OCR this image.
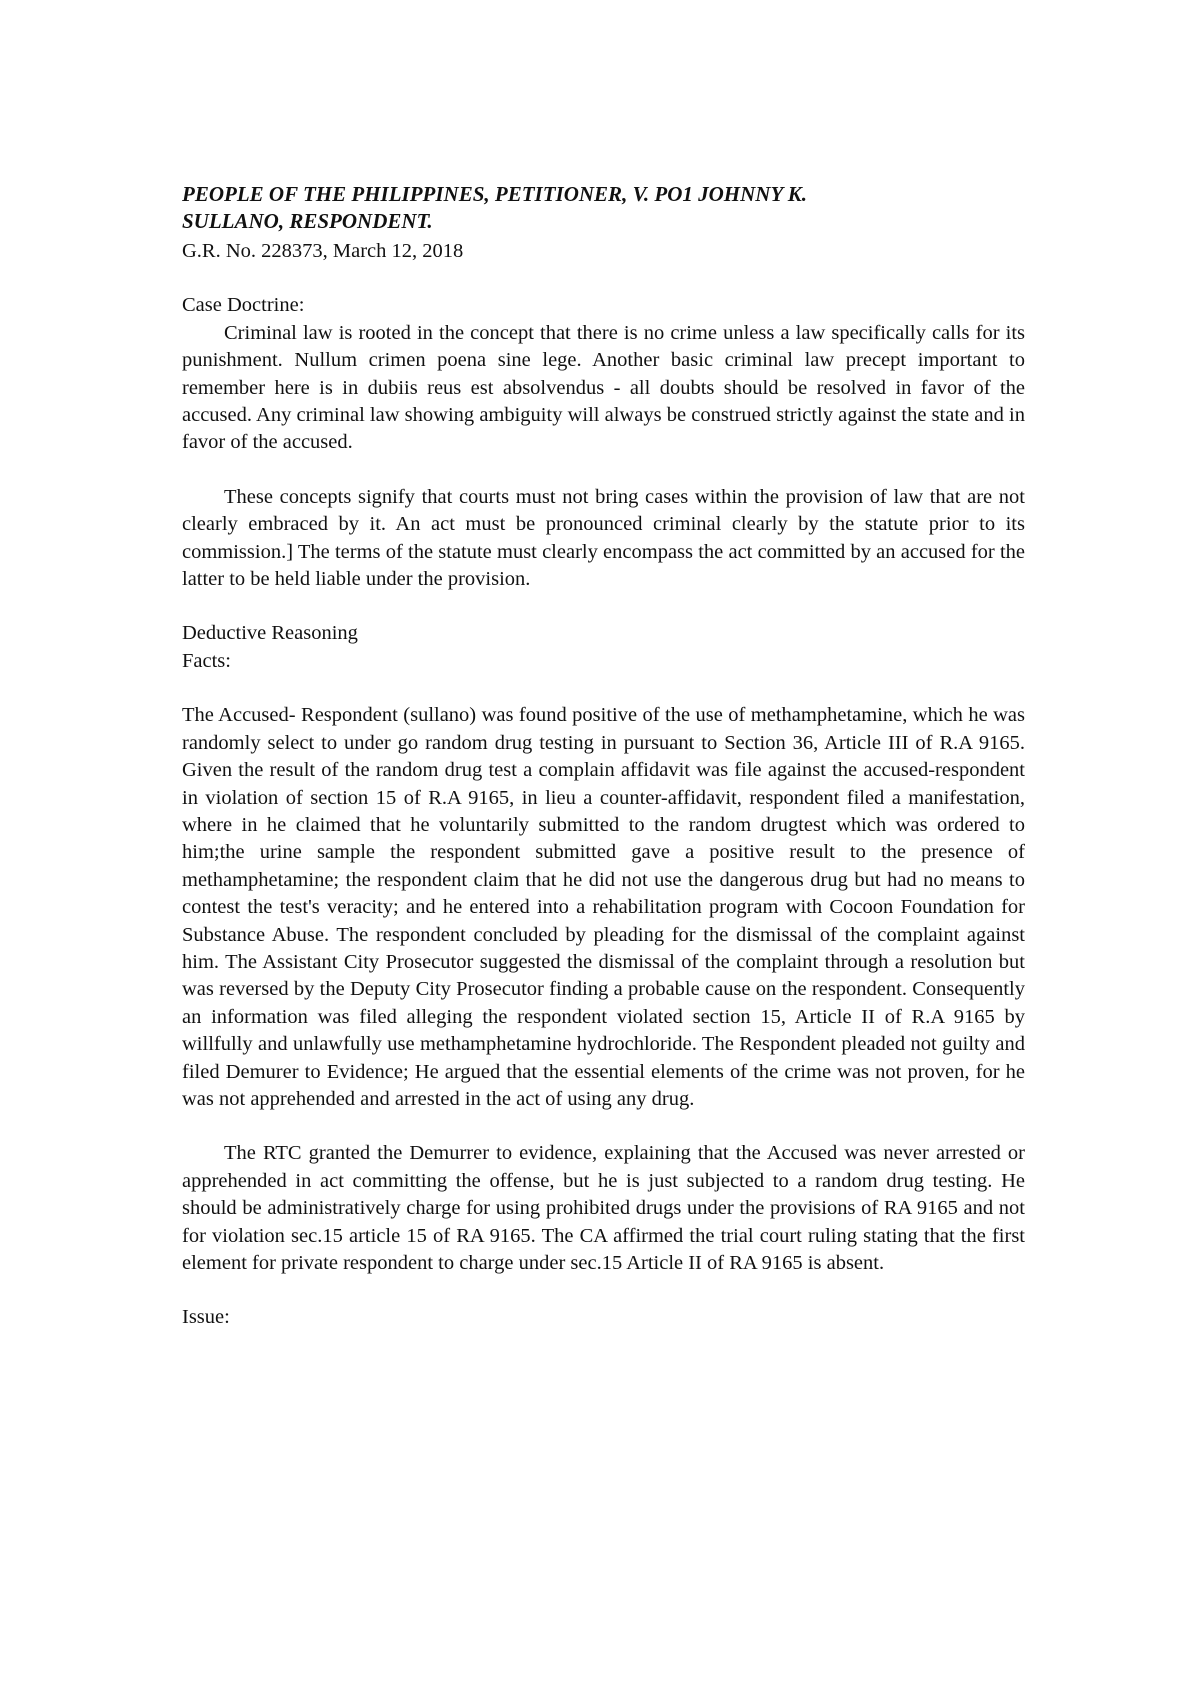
PEOPLE OF THE PHILIPPINES, PETITIONER, V. PO1 JOHNNY K.
SULLANO, RESPONDENT.

G.R. No. 228373, March 12, 2018

Case Doctrine:

Criminal law is rooted in the concept that there is no crime unless a law specifically calls for its punishment. Nullum crimen poena sine lege. Another basic criminal law precept important to remember here is in dubiis reus est absolvendus - all doubts should be resolved in favor of the accused. Any criminal law showing ambiguity will always be construed strictly against the state and in favor of the accused.

These concepts signify that courts must not bring cases within the provision of law that are not clearly embraced by it. An act must be pronounced criminal clearly by the statute prior to its commission.] The terms of the statute must clearly encompass the act committed by an accused for the latter to be held liable under the provision.

Deductive Reasoning

Facts:

The Accused- Respondent (sullano) was found positive of the use of methamphetamine, which he was randomly select to under go random drug testing in pursuant to Section 36, Article III of R.A 9165. Given the result of the random drug test a complain affidavit was file against the accused-respondent in violation of section 15 of R.A 9165, in lieu a counter-affidavit, respondent filed a manifestation, where in he claimed that he voluntarily submitted to the random drugtest which was ordered to him;the urine sample the respondent submitted gave a positive result to the presence of methamphetamine; the respondent claim that he did not use the dangerous drug but had no means to contest the test's veracity; and he entered into a rehabilitation program with Cocoon Foundation for Substance Abuse. The respondent concluded by pleading for the dismissal of the complaint against him. The Assistant City Prosecutor suggested the dismissal of the complaint through a resolution but was reversed by the Deputy City Prosecutor finding a probable cause on the respondent. Consequently an information was filed alleging the respondent violated section 15, Article II of R.A 9165 by willfully and unlawfully use methamphetamine hydrochloride. The Respondent pleaded not guilty and filed Demurer to Evidence; He argued that the essential elements of the crime was not proven, for he was not apprehended and arrested in the act of using any drug.

The RTC granted the Demurrer to evidence, explaining that the Accused was never arrested or apprehended in act committing the offense, but he is just subjected to a random drug testing. He should be administratively charge for using prohibited drugs under the provisions of RA 9165 and not for violation sec.15 article 15 of RA 9165. The CA affirmed the trial court ruling stating that the first element for private respondent to charge under sec.15 Article II of RA 9165 is absent.

Issue:
